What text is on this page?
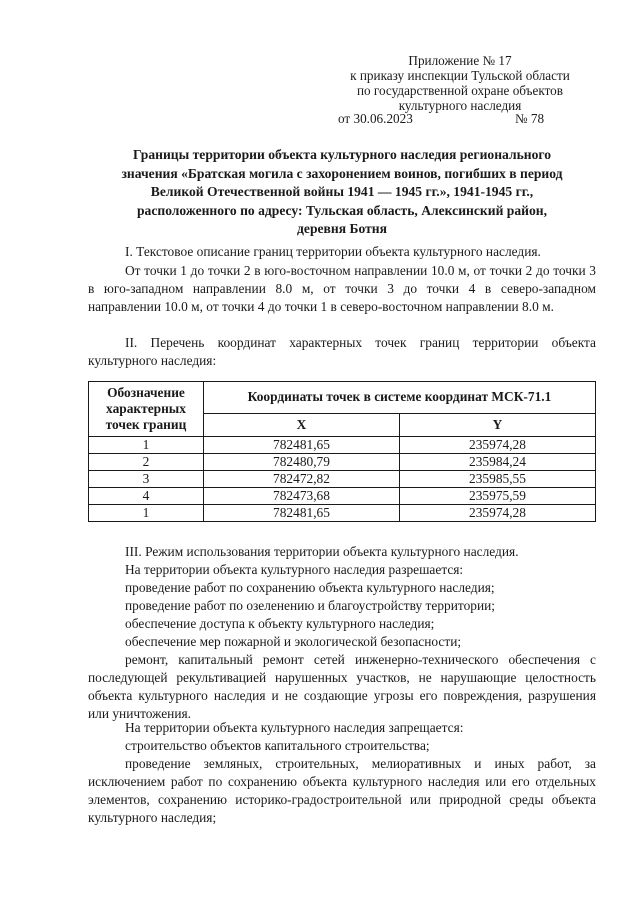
Приложение № 17
к приказу инспекции Тульской области
по государственной охране объектов
культурного наследия
от 30.06.2023	№ 78
Границы территории объекта культурного наследия регионального
значения «Братская могила с захоронением воинов, погибших в период
Великой Отечественной войны 1941 — 1945 гг.», 1941-1945 гг.,
расположенного по адресу: Тульская область, Алексинский район,
деревня Ботня
I. Текстовое описание границ территории объекта культурного наследия.
От точки 1 до точки 2 в юго-восточном направлении 10.0 м, от точки 2 до точки 3 в юго-западном направлении 8.0 м, от точки 3 до точки 4 в северо-западном направлении 10.0 м, от точки 4 до точки 1 в северо-восточном направлении 8.0 м.
II. Перечень координат характерных точек границ территории объекта культурного наследия:
Обозначение характерных точек границ	Координаты точек в системе координат МСК-71.1	
	X	Y
1	782481,65	235974,28
2	782480,79	235984,24
3	782472,82	235985,55
4	782473,68	235975,59
1	782481,65	235974,28
III. Режим использования территории объекта культурного наследия.
На территории объекта культурного наследия разрешается:
проведение работ по сохранению объекта культурного наследия;
проведение работ по озеленению и благоустройству территории;
обеспечение доступа к объекту культурного наследия;
обеспечение мер пожарной и экологической безопасности;
ремонт, капитальный ремонт сетей инженерно-технического обеспечения с последующей рекультивацией нарушенных участков, не нарушающие целостность объекта культурного наследия и не создающие угрозы его повреждения, разрушения или уничтожения.
На территории объекта культурного наследия запрещается:
строительство объектов капитального строительства;
проведение земляных, строительных, мелиоративных и иных работ, за исключением работ по сохранению объекта культурного наследия или его отдельных элементов, сохранению историко-градостроительной или природной среды объекта культурного наследия;
